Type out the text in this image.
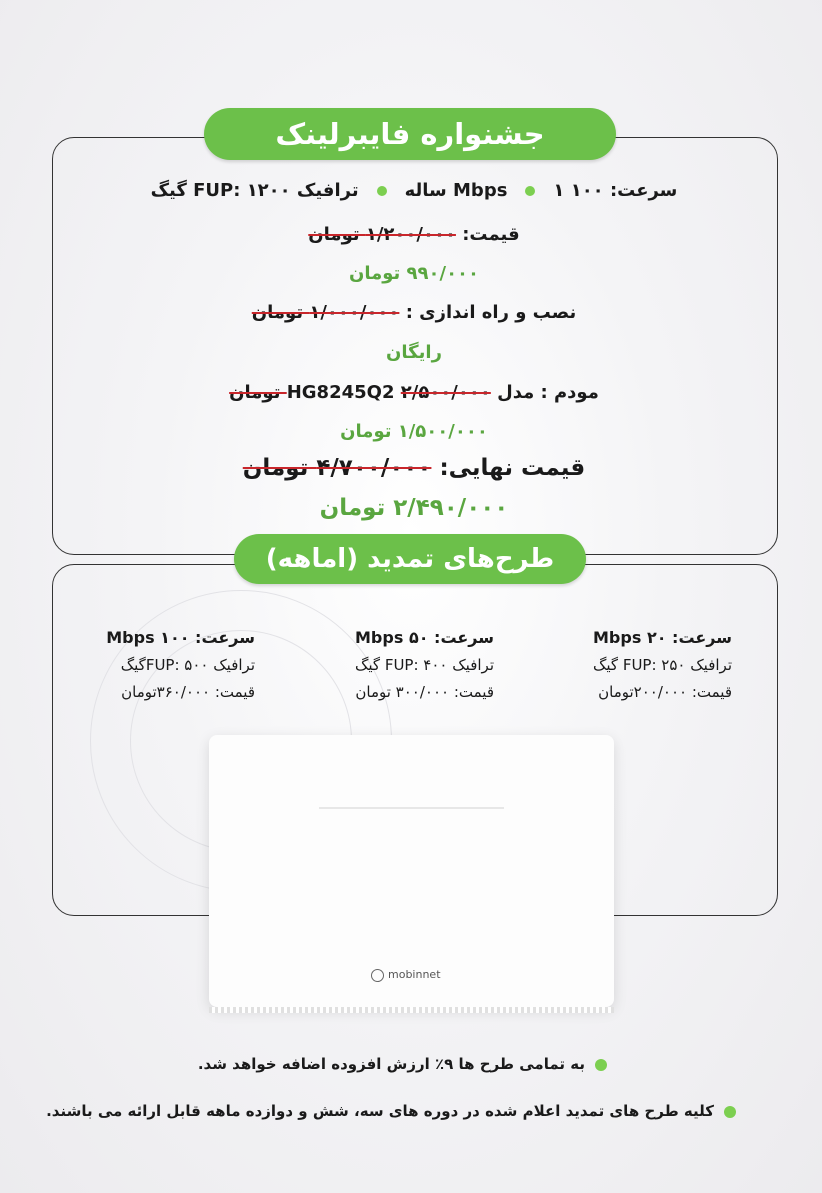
جشنواره فایبرلینک
سرعت: ۱۰۰ Mbps۱ سالهترافیک FUP: ۱۲۰۰ گیگ
قیمت: ۱/۲۰۰/۰۰۰ تومان
۹۹۰/۰۰۰ تومان
نصب و راه اندازی : ۱/۰۰۰/۰۰۰ تومان
رایگان
مودم : مدل HG8245Q2 ۲/۵۰۰/۰۰۰ تومان
۱/۵۰۰/۰۰۰ تومان
قیمت نهایی: ۴/۷۰۰/۰۰۰ تومان
۲/۴۹۰/۰۰۰ تومان
طرح‌های تمدید (اماهه)
سرعت: ۲۰ Mbps
ترافیک FUP: ۲۵۰ گیگ
قیمت: ۲۰۰/۰۰۰تومان
سرعت: ۵۰ Mbps
ترافیک FUP: ۴۰۰ گیگ
قیمت: ۳۰۰/۰۰۰ تومان
سرعت: ۱۰۰ Mbps
ترافیک FUP: ۵۰۰گیگ
قیمت: ۳۶۰/۰۰۰تومان
mobinnet
به تمامی طرح ها ۹٪ ارزش افزوده اضافه خواهد شد.
کلیه طرح های تمدید اعلام شده در دوره های سه، شش و دوازده ماهه قابل ارائه می باشند.
